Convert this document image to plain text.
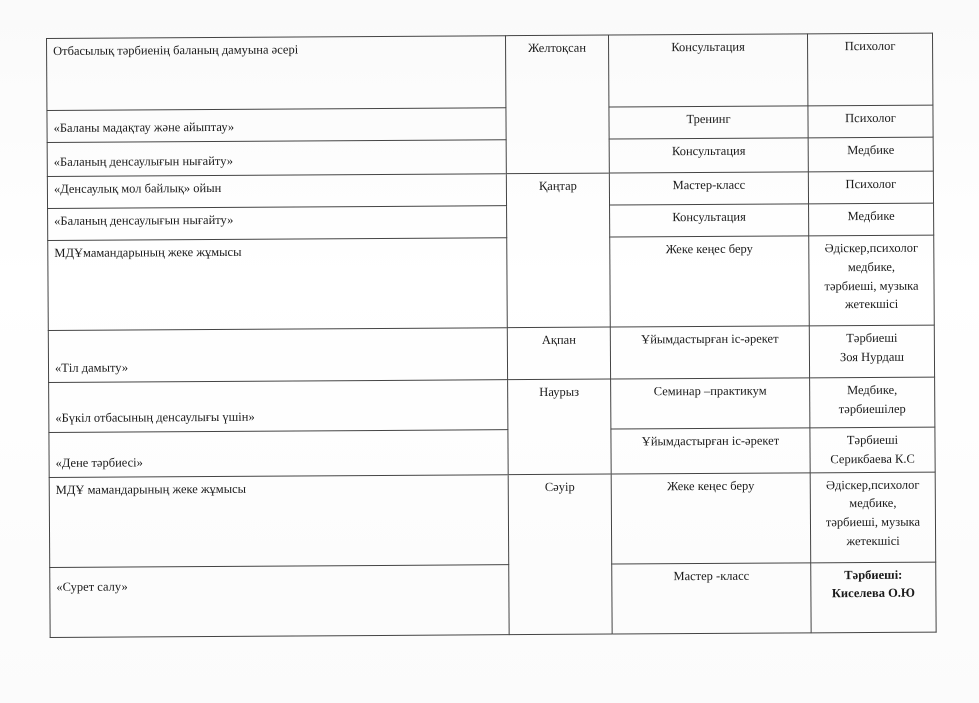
Отбасылық тәрбиенің баланың дамуына әсері	Желтоқсан	Консультация	Психолог
«Баланы мадақтау және айыптау»		Тренинг	Психолог
«Баланың денсаулығын нығайту»		Консультация	Медбике
«Денсаулық мол байлық» ойын	Қаңтар	Мастер-класс	Психолог
«Баланың денсаулығын нығайту»		Консультация	Медбике
МДҰмамандарының жеке жұмысы		Жеке кеңес беру	Әдіскер,психолог
медбике,
тәрбиеші, музыка
жетекшісі

«Тіл дамыту»	Ақпан	Ұйымдастырған іс-әрекет	Тәрбиеші
Зоя Нурдаш

«Бүкіл отбасының денсаулығы үшін»	Наурыз	Семинар –практикум	Медбике,
тәрбиешілер

«Дене тәрбиесі»		Ұйымдастырған іс-әрекет	Тәрбиеші
Серикбаева К.С

МДҰ мамандарының жеке жұмысы	Сәуір	Жеке кеңес беру	Әдіскер,психолог
медбике,
тәрбиеші, музыка
жетекшісі

«Сурет салу»		Мастер -класс	Тәрбиеші:
Киселева О.Ю
